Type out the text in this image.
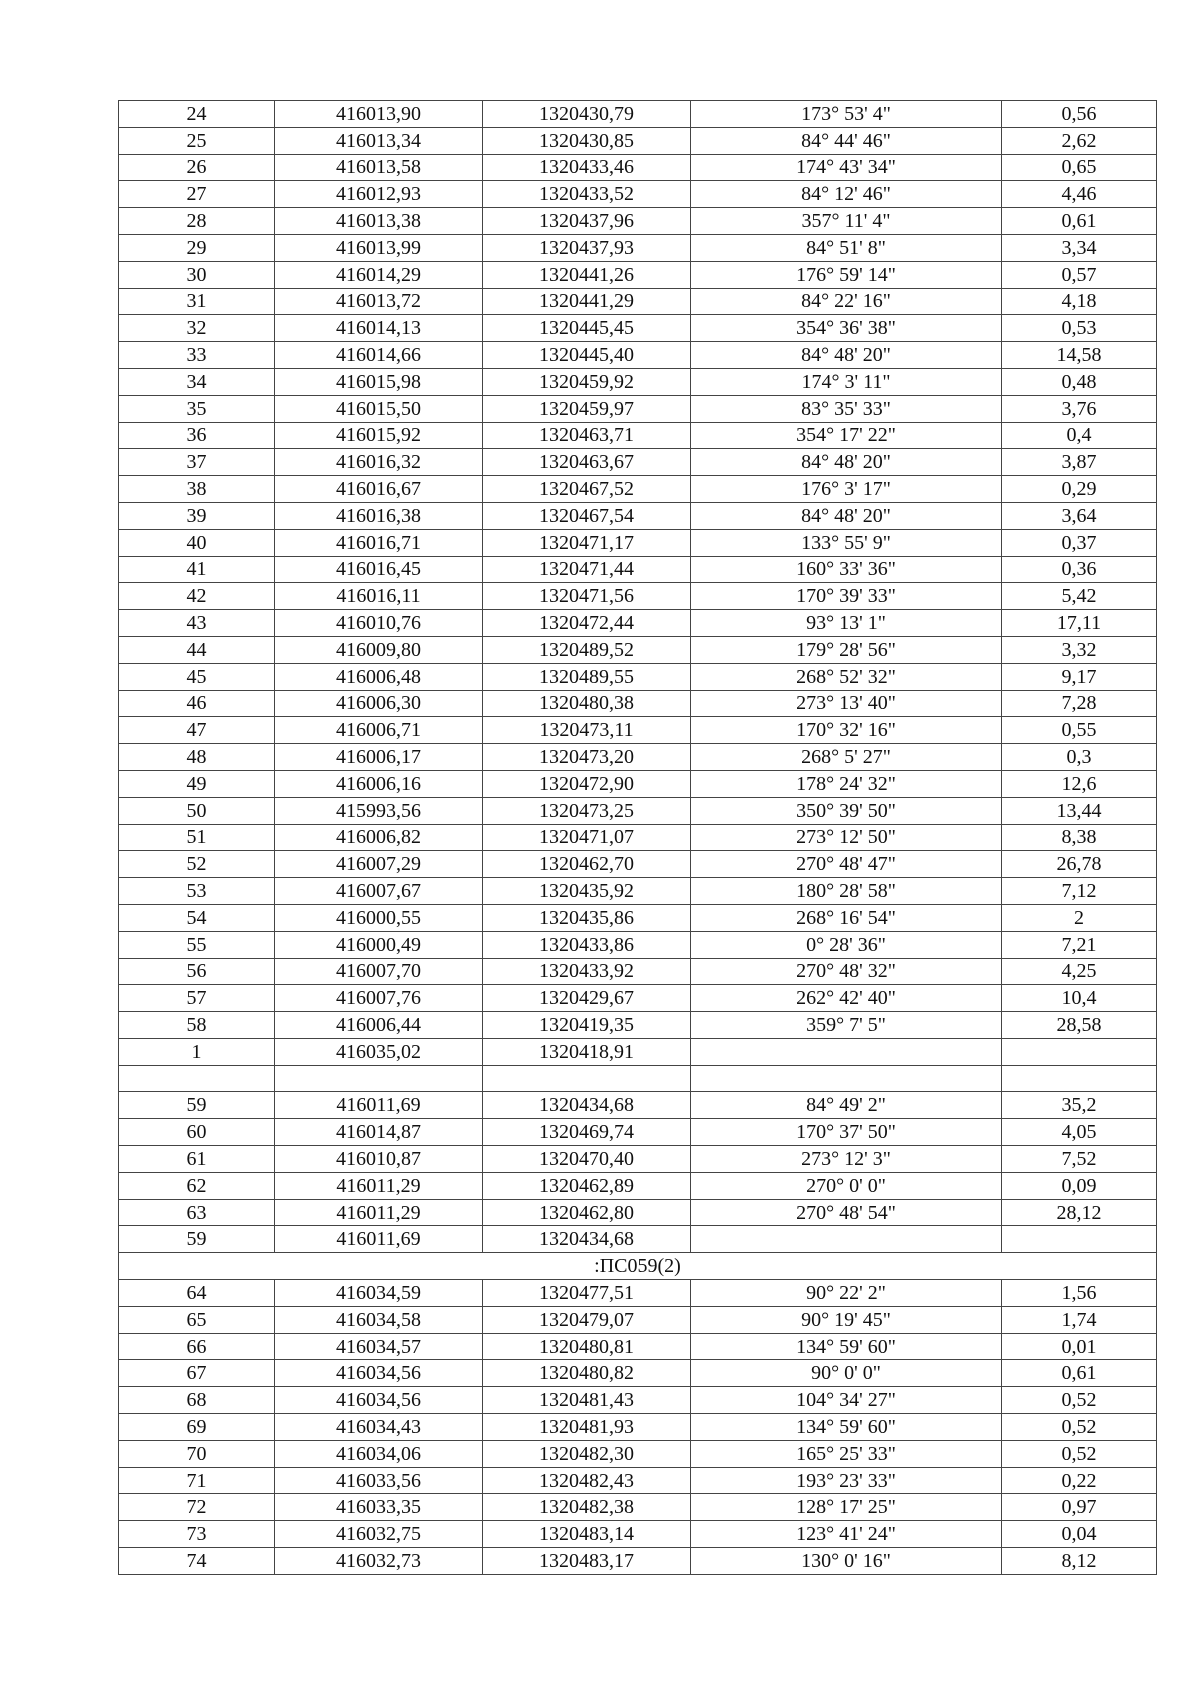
24	416013,90	1320430,79	173° 53' 4"	0,56
25	416013,34	1320430,85	84° 44' 46"	2,62
26	416013,58	1320433,46	174° 43' 34"	0,65
27	416012,93	1320433,52	84° 12' 46"	4,46
28	416013,38	1320437,96	357° 11' 4"	0,61
29	416013,99	1320437,93	84° 51' 8"	3,34
30	416014,29	1320441,26	176° 59' 14"	0,57
31	416013,72	1320441,29	84° 22' 16"	4,18
32	416014,13	1320445,45	354° 36' 38"	0,53
33	416014,66	1320445,40	84° 48' 20"	14,58
34	416015,98	1320459,92	174° 3' 11"	0,48
35	416015,50	1320459,97	83° 35' 33"	3,76
36	416015,92	1320463,71	354° 17' 22"	0,4
37	416016,32	1320463,67	84° 48' 20"	3,87
38	416016,67	1320467,52	176° 3' 17"	0,29
39	416016,38	1320467,54	84° 48' 20"	3,64
40	416016,71	1320471,17	133° 55' 9"	0,37
41	416016,45	1320471,44	160° 33' 36"	0,36
42	416016,11	1320471,56	170° 39' 33"	5,42
43	416010,76	1320472,44	93° 13' 1"	17,11
44	416009,80	1320489,52	179° 28' 56"	3,32
45	416006,48	1320489,55	268° 52' 32"	9,17
46	416006,30	1320480,38	273° 13' 40"	7,28
47	416006,71	1320473,11	170° 32' 16"	0,55
48	416006,17	1320473,20	268° 5' 27"	0,3
49	416006,16	1320472,90	178° 24' 32"	12,6
50	415993,56	1320473,25	350° 39' 50"	13,44
51	416006,82	1320471,07	273° 12' 50"	8,38
52	416007,29	1320462,70	270° 48' 47"	26,78
53	416007,67	1320435,92	180° 28' 58"	7,12
54	416000,55	1320435,86	268° 16' 54"	2
55	416000,49	1320433,86	0° 28' 36"	7,21
56	416007,70	1320433,92	270° 48' 32"	4,25
57	416007,76	1320429,67	262° 42' 40"	10,4
58	416006,44	1320419,35	359° 7' 5"	28,58
1	416035,02	1320418,91		

59	416011,69	1320434,68	84° 49' 2"	35,2
60	416014,87	1320469,74	170° 37' 50"	4,05
61	416010,87	1320470,40	273° 12' 3"	7,52
62	416011,29	1320462,89	270° 0' 0"	0,09
63	416011,29	1320462,80	270° 48' 54"	28,12
59	416011,69	1320434,68		
:ПС059(2)				
64	416034,59	1320477,51	90° 22' 2"	1,56
65	416034,58	1320479,07	90° 19' 45"	1,74
66	416034,57	1320480,81	134° 59' 60"	0,01
67	416034,56	1320480,82	90° 0' 0"	0,61
68	416034,56	1320481,43	104° 34' 27"	0,52
69	416034,43	1320481,93	134° 59' 60"	0,52
70	416034,06	1320482,30	165° 25' 33"	0,52
71	416033,56	1320482,43	193° 23' 33"	0,22
72	416033,35	1320482,38	128° 17' 25"	0,97
73	416032,75	1320483,14	123° 41' 24"	0,04
74	416032,73	1320483,17	130° 0' 16"	8,12
